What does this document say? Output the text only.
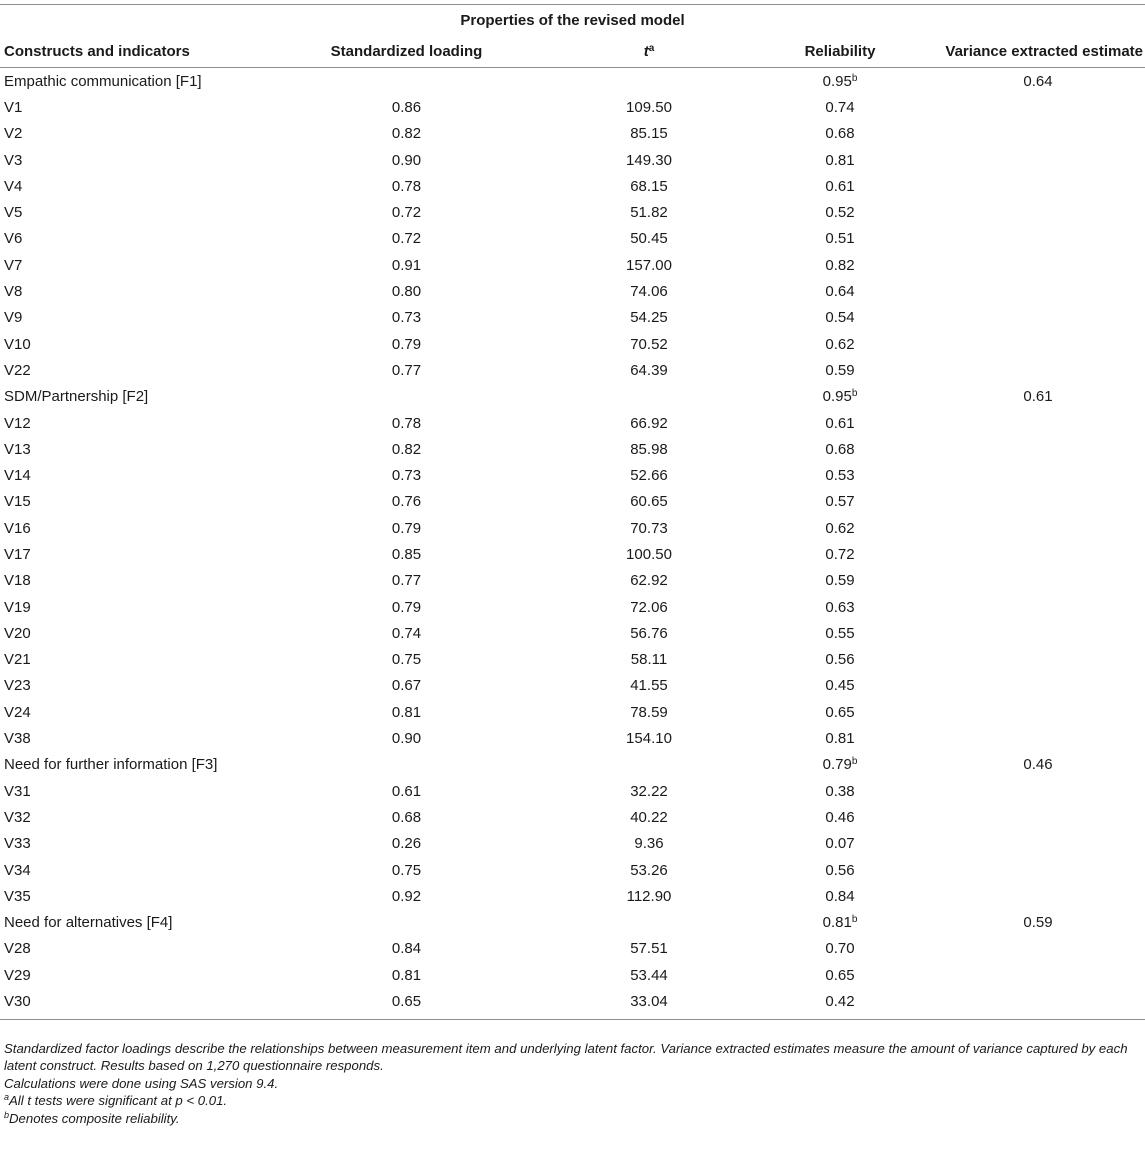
Properties of the revised model				
Constructs and indicators	Standardized loading	$t^a$	Reliability	Variance extracted estimate
Empathic communication [F1]			0.95$^b$	0.64
V1	0.86	109.50	0.74	
V2	0.82	85.15	0.68	
V3	0.90	149.30	0.81	
V4	0.78	68.15	0.61	
V5	0.72	51.82	0.52	
V6	0.72	50.45	0.51	
V7	0.91	157.00	0.82	
V8	0.80	74.06	0.64	
V9	0.73	54.25	0.54	
V10	0.79	70.52	0.62	
V22	0.77	64.39	0.59	
SDM/Partnership [F2]			0.95$^b$	0.61
V12	0.78	66.92	0.61	
V13	0.82	85.98	0.68	
V14	0.73	52.66	0.53	
V15	0.76	60.65	0.57	
V16	0.79	70.73	0.62	
V17	0.85	100.50	0.72	
V18	0.77	62.92	0.59	
V19	0.79	72.06	0.63	
V20	0.74	56.76	0.55	
V21	0.75	58.11	0.56	
V23	0.67	41.55	0.45	
V24	0.81	78.59	0.65	
V38	0.90	154.10	0.81	
Need for further information [F3]			0.79$^b$	0.46
V31	0.61	32.22	0.38	
V32	0.68	40.22	0.46	
V33	0.26	9.36	0.07	
V34	0.75	53.26	0.56	
V35	0.92	112.90	0.84	
Need for alternatives [F4]			0.81$^b$	0.59
V28	0.84	57.51	0.70	
V29	0.81	53.44	0.65	
V30	0.65	33.04	0.42	

Standardized factor loadings describe the relationships between measurement item and underlying latent factor. Variance extracted estimates measure the amount of variance captured by each latent construct. Results based on 1,270 questionnaire responds.

Calculations were done using SAS version 9.4.

$^a$All t tests were significant at p < 0.01.

$^b$Denotes composite reliability.
